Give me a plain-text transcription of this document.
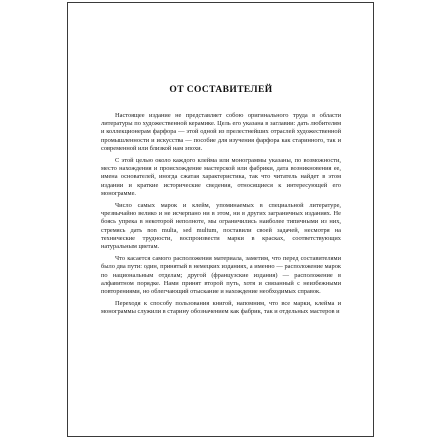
ОТ СОСТАВИТЕЛЕЙ

Настоящее издание не представляет собою оригинального труда в области литературы по художественной керамике. Цель его указана в заглавии: дать любителям и коллекционерам фарфора — этой одной из прелестнейших отраслей художественной промышленности и искусства — пособие для изучения фарфора как старинного, так и современной или близкой нам эпохи.

С этой целью около каждого клейма или монограммы указаны, по возможности, место нахождения и происхождение мастерской или фабрики, дата возникновения ее, имена основателей, иногда сжатая характеристика, так что читатель найдет в этом издании и краткие исторические сведения, относящиеся к интересующей его монограмме.

Число самых марок и клейм, упоминаемых в специальной литературе, чрезвычайно велико и не исчерпано ни в этом, ни в других заграничных изданиях. Не боясь упрека в некоторой неполноте, мы ограничились наиболее типичными из них, стремясь дать non multa, sed multum, поставили своей задачей, несмотря на технические трудности, воспроизвести марки в красках, соответствующих натуральным цветам.

Что касается самого расположения материала, заметим, что перед составителями было два пути: один, принятый в немецких изданиях, а именно — расположение марок по национальным отделам; другой (французские издания) — расположение в алфавитном порядке. Нами принят второй путь, хотя и связанный с неизбежными повторениями, но облегчающий отыскание и нахождение необходимых справок.

Переходя к способу пользования книгой, напомним, что все марки, клейма и монограммы служили в старину обозначением как фабрик, так и отдельных мастеров и
